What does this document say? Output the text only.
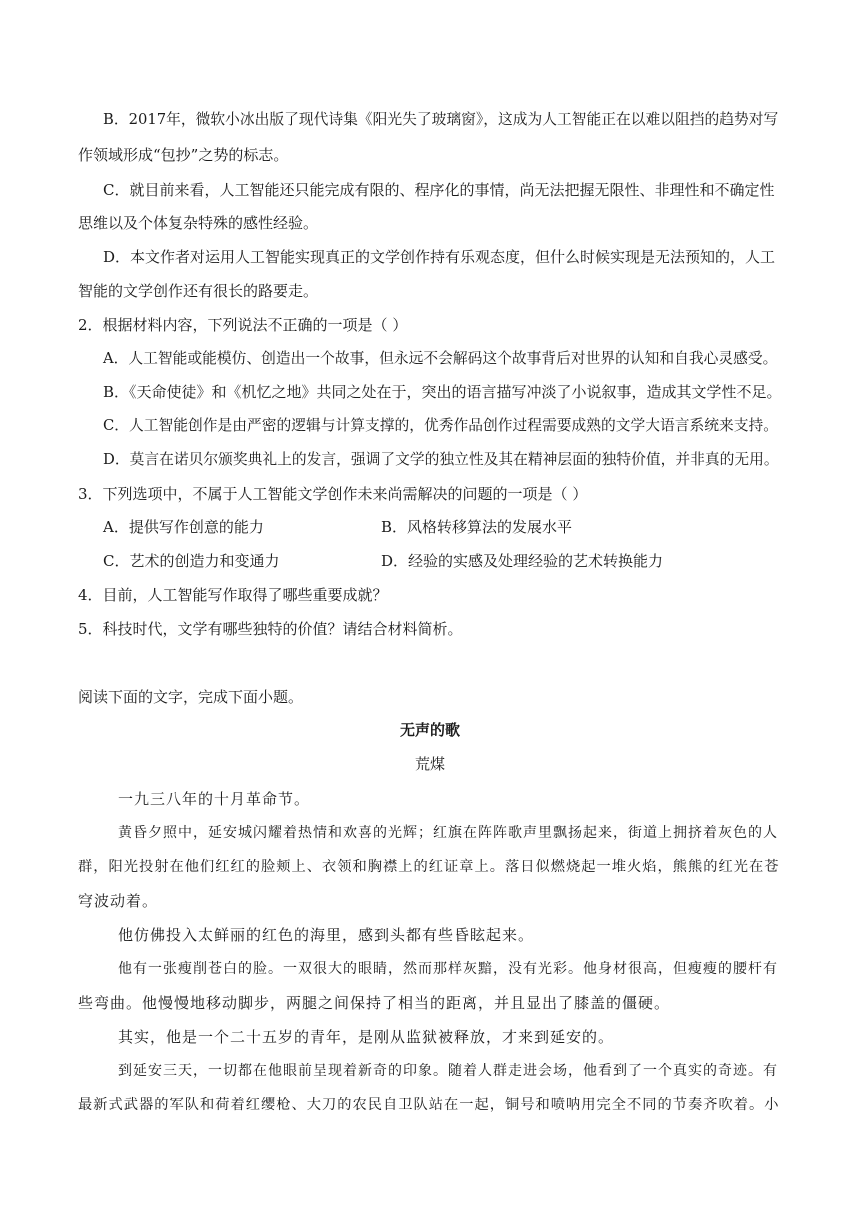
B．2017年，微软小冰出版了现代诗集《阳光失了玻璃窗》，这成为人工智能正在以难以阻挡的趋势对写
作领域形成“包抄”之势的标志。
C．就目前来看，人工智能还只能完成有限的、程序化的事情，尚无法把握无限性、非理性和不确定性
思维以及个体复杂特殊的感性经验。
D．本文作者对运用人工智能实现真正的文学创作持有乐观态度，但什么时候实现是无法预知的，人工
智能的文学创作还有很长的路要走。
2．根据材料内容，下列说法不正确的一项是（ ）
A．人工智能或能模仿、创造出一个故事，但永远不会解码这个故事背后对世界的认知和自我心灵感受。
B．《天命使徒》和《机忆之地》共同之处在于，突出的语言描写冲淡了小说叙事，造成其文学性不足。
C．人工智能创作是由严密的逻辑与计算支撑的，优秀作品创作过程需要成熟的文学大语言系统来支持。
D．莫言在诺贝尔颁奖典礼上的发言，强调了文学的独立性及其在精神层面的独特价值，并非真的无用。
3．下列选项中，不属于人工智能文学创作未来尚需解决的问题的一项是（ ）
A．提供写作创意的能力	B．风格转移算法的发展水平
C．艺术的创造力和变通力	D．经验的实感及处理经验的艺术转换能力
4．目前，人工智能写作取得了哪些重要成就？
5．科技时代，文学有哪些独特的价值？请结合材料简析。
阅读下面的文字，完成下面小题。
无声的歌
荒煤
一九三八年的十月革命节。
黄昏夕照中，延安城闪耀着热情和欢喜的光辉；红旗在阵阵歌声里飘扬起来，街道上拥挤着灰色的人
群，阳光投射在他们红红的脸颊上、衣领和胸襟上的红证章上。落日似燃烧起一堆火焰，熊熊的红光在苍
穹波动着。
他仿佛投入太鲜丽的红色的海里，感到头都有些昏眩起来。
他有一张瘦削苍白的脸。一双很大的眼睛，然而那样灰黯，没有光彩。他身材很高，但瘦瘦的腰杆有
些弯曲。他慢慢地移动脚步，两腿之间保持了相当的距离，并且显出了膝盖的僵硬。
其实，他是一个二十五岁的青年，是刚从监狱被释放，才来到延安的。
到延安三天，一切都在他眼前呈现着新奇的印象。随着人群走进会场，他看到了一个真实的奇迹。有
最新式武器的军队和荷着红缨枪、大刀的农民自卫队站在一起，铜号和喷呐用完全不同的节奏齐吹着。小
